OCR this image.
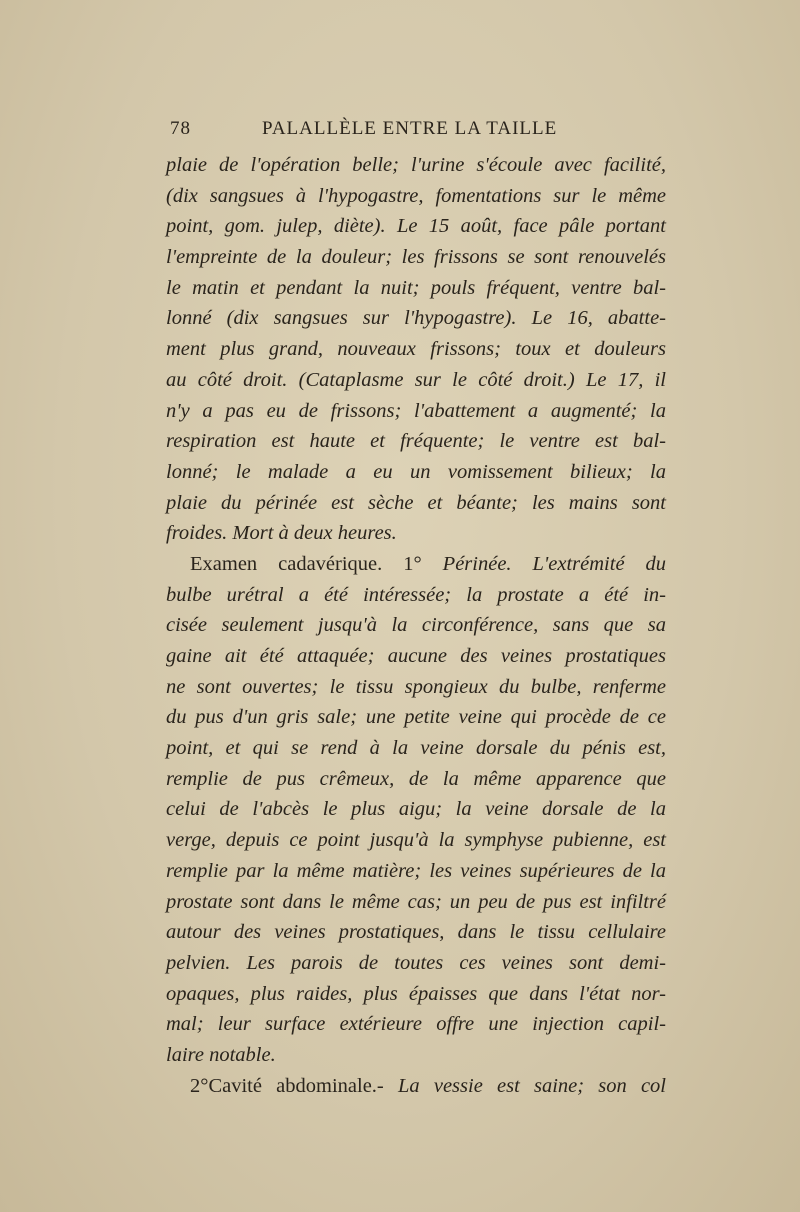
78	PALALLÈLE ENTRE LA TAILLE
plaie de l'opération belle; l'urine s'écoule avec facilité,
(dix sangsues à l'hypogastre, fomentations sur le même
point, gom. julep, diète). Le 15 août, face pâle portant
l'empreinte de la douleur; les frissons se sont renouvelés
le matin et pendant la nuit; pouls fréquent, ventre bal-
lonné (dix sangsues sur l'hypogastre). Le 16, abatte-
ment plus grand, nouveaux frissons; toux et douleurs
au côté droit. (Cataplasme sur le côté droit.) Le 17, il
n'y a pas eu de frissons; l'abattement a augmenté; la
respiration est haute et fréquente; le ventre est bal-
lonné; le malade a eu un vomissement bilieux; la
plaie du périnée est sèche et béante; les mains sont
froides. Mort à deux heures.
Examen cadavérique. 1° Périnée. L'extrémité du
bulbe urétral a été intéressée; la prostate a été in-
cisée seulement jusqu'à la circonférence, sans que sa
gaine ait été attaquée; aucune des veines prostatiques
ne sont ouvertes; le tissu spongieux du bulbe, renferme
du pus d'un gris sale; une petite veine qui procède de ce
point, et qui se rend à la veine dorsale du pénis est,
remplie de pus crêmeux, de la même apparence que
celui de l'abcès le plus aigu; la veine dorsale de la
verge, depuis ce point jusqu'à la symphyse pubienne, est
remplie par la même matière; les veines supérieures de la
prostate sont dans le même cas; un peu de pus est infiltré
autour des veines prostatiques, dans le tissu cellulaire
pelvien. Les parois de toutes ces veines sont demi-
opaques, plus raides, plus épaisses que dans l'état nor-
mal; leur surface extérieure offre une injection capil-
laire notable.
2°Cavité abdominale.- La vessie est saine; son col
